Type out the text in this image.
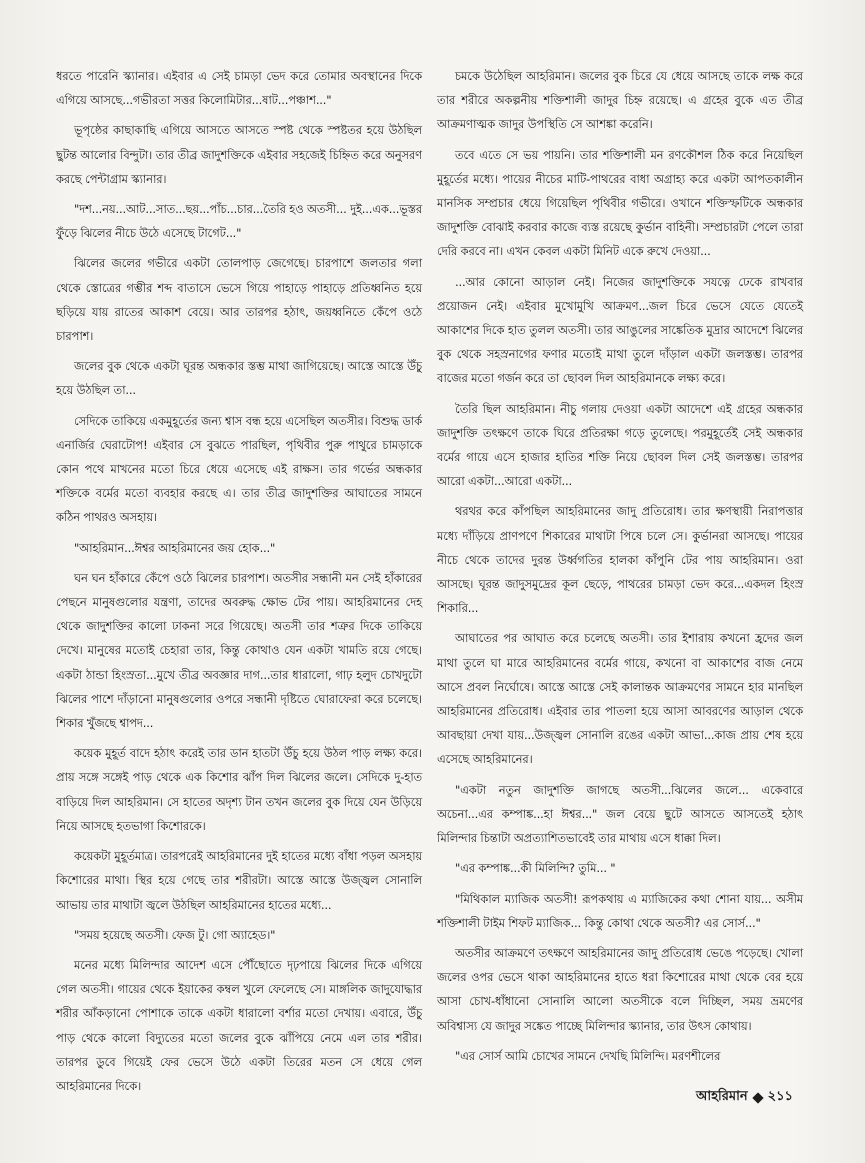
ধরতে পারেনি স্ক্যানার। এইবার এ সেই চামড়া ভেদ করে তোমার অবস্থানের দিকে এগিয়ে আসছে...গভীরতা সত্তর কিলোমিটার...ষাট...পঞ্চাশ..."

ভূপৃষ্ঠের কাছাকাছি এগিয়ে আসতে আসতে স্পষ্ট থেকে স্পষ্টতর হয়ে উঠছিল ছুটন্ত আলোর বিন্দুটা। তার তীব্র জাদুশক্তিকে এইবার সহজেই চিহ্নিত করে অনুসরণ করছে পেন্টাগ্রাম স্ক্যানার।

"দশ...নয়...আট...সাত...ছয়...পাঁচ...চার...তৈরি হও অতসী... দুই...এক...ভূস্তর ফুঁড়ে ঝিলের নীচে উঠে এসেছে টাগেট..."

ঝিলের জলের গভীরে একটা তোলপাড় জেগেছে। চারপাশে জলতার গলা থেকে স্তোত্রের গম্ভীর শব্দ বাতাসে ভেসে গিয়ে পাহাড়ে পাহাড়ে প্রতিধ্বনিত হয়ে ছড়িয়ে যায় রাতের আকাশ বেয়ে। আর তারপর হঠাৎ, জয়ধ্বনিতে কেঁপে ওঠে চারপাশ।

জলের বুক থেকে একটা ঘূরন্ত অন্ধকার স্তম্ভ মাথা জাগিয়েছে। আস্তে আস্তে উঁচু হয়ে উঠছিল তা...

সেদিকে তাকিয়ে একমুহূর্তের জন্য শ্বাস বন্ধ হয়ে এসেছিল অতসীর। বিশুদ্ধ ডার্ক এনার্জির ঘেরাটোপ! এইবার সে বুঝতে পারছিল, পৃথিবীর পুরু পাথুরে চামড়াকে কোন পথে মাখনের মতো চিরে ধেয়ে এসেছে এই রাক্ষস। তার গর্ভের অন্ধকার শক্তিকে বর্মের মতো ব্যবহার করছে এ। তার তীব্র জাদুশক্তির আঘাতের সামনে কঠিন পাথরও অসহায়।

"আহরিমান...ঈশ্বর আহরিমানের জয় হোক..."

ঘন ঘন হাঁকারে কেঁপে ওঠে ঝিলের চারপাশ। অতসীর সন্ধানী মন সেই হাঁকারের পেছনে মানুষগুলোর যন্ত্রণা, তাদের অবরুদ্ধ ক্ষোভ টের পায়। আহরিমানের দেহ থেকে জাদুশক্তির কালো ঢাকনা সরে গিয়েছে। অতসী তার শত্রুর দিকে তাকিয়ে দেখে। মানুষের মতোই চেহারা তার, কিন্তু কোথাও যেন একটা খামতি রয়ে গেছে। একটা ঠান্ডা হিংস্রতা...মুখে তীব্র অবজ্ঞার দাগ...তার ধারালো, গাঢ় হলুদ চোখদুটো ঝিলের পাশে দাঁড়ানো মানুষগুলোর ওপরে সন্ধানী দৃষ্টিতে ঘোরাফেরা করে চলেছে। শিকার খুঁজছে শ্বাপদ...

কয়েক মুহূর্ত বাদে হঠাৎ করেই তার ডান হাতটা উঁচু হয়ে উঠল পাড় লক্ষ্য করে। প্রায় সঙ্গে সঙ্গেই পাড় থেকে এক কিশোর ঝাঁপ দিল ঝিলের জলে। সেদিকে দু-হাত বাড়িয়ে দিল আহরিমান। সে হাতের অদৃশ্য টান তখন জলের বুক দিয়ে যেন উড়িয়ে নিয়ে আসছে হতভাগা কিশোরকে।

কয়েকটা মুহূর্তমাত্র। তারপরেই আহরিমানের দুই হাতের মধ্যে বাঁধা পড়ল অসহায় কিশোরের মাথা। স্থির হয়ে গেছে তার শরীরটা। আস্তে আস্তে উজ্জ্বল সোনালি আভায় তার মাথাটা জ্বলে উঠছিল আহরিমানের হাতের মধ্যে...

"সময় হয়েছে অতসী। ফেজ টু। গো অ্যাহেড।"

মনের মধ্যে মিলিন্দার আদেশ এসে পৌঁছোতে দৃঢ়পায়ে ঝিলের দিকে এগিয়ে গেল অতসী। গায়ের থেকে ইয়াকের কম্বল খুলে ফেলেছে সে। মাঙ্গলিক জাদুযোদ্ধার শরীর আঁকড়ানো পোশাকে তাকে একটা ধারালো বর্শার মতো দেখায়। এবারে, উঁচু পাড় থেকে কালো বিদ্যুতের মতো জলের বুকে ঝাঁপিয়ে নেমে এল তার শরীর। তারপর ডুবে গিয়েই ফের ভেসে উঠে একটা তিরের মতন সে ধেয়ে গেল আহরিমানের দিকে।

চমকে উঠেছিল আহরিমান। জলের বুক চিরে যে ধেয়ে আসছে তাকে লক্ষ করে তার শরীরে অকল্পনীয় শক্তিশালী জাদুর চিহ্ন রয়েছে। এ গ্রহের বুকে এত তীব্র আক্রমণাত্মক জাদুর উপস্থিতি সে আশঙ্কা করেনি।

তবে এতে সে ভয় পায়নি। তার শক্তিশালী মন রণকৌশল ঠিক করে নিয়েছিল মুহূর্তের মধ্যে। পায়ের নীচের মাটি-পাথরের বাধা অগ্রাহ্য করে একটা আপতকালীন মানসিক সম্প্রচার ধেয়ে গিয়েছিল পৃথিবীর গভীরে। ওখানে শক্তিস্ফটিকে অন্ধকার জাদুশক্তি বোঝাই করবার কাজে ব্যস্ত রয়েছে কুর্ভান বাহিনী। সম্প্রচারটা পেলে তারা দেরি করবে না। এখন কেবল একটা মিনিট একে রুখে দেওয়া...

...আর কোনো আড়াল নেই। নিজের জাদুশক্তিকে সযত্নে ঢেকে রাখবার প্রয়োজন নেই। এইবার মুখোমুখি আক্রমণ...জল চিরে ভেসে যেতে যেতেই আকাশের দিকে হাত তুলল অতসী। তার আঙুলের সাঙ্কেতিক মুদ্রার আদেশে ঝিলের বুক থেকে সহস্রনাগের ফণার মতোই মাথা তুলে দাঁড়াল একটা জলস্তম্ভ। তারপর বাজের মতো গর্জন করে তা ছোবল দিল আহরিমানকে লক্ষ্য করে।

তৈরি ছিল আহরিমান। নীচু গলায় দেওয়া একটা আদেশে এই গ্রহের অন্ধকার জাদুশক্তি তৎক্ষণে তাকে ঘিরে প্রতিরক্ষা গড়ে তুলেছে। পরমুহূর্তেই সেই অন্ধকার বর্মের গায়ে এসে হাজার হাতির শক্তি নিয়ে ছোবল দিল সেই জলস্তম্ভ। তারপর আরো একটা...আরো একটা...

থরথর করে কাঁপছিল আহরিমানের জাদু প্রতিরোধ। তার ক্ষণস্থায়ী নিরাপত্তার মধ্যে দাঁড়িয়ে প্রাণপণে শিকারের মাথাটা পিষে চলে সে। কুর্ভানরা আসছে। পায়ের নীচে থেকে তাদের দুরন্ত উর্ধ্বগতির হালকা কাঁপুনি টের পায় আহরিমান। ওরা আসছে। ঘূরন্ত জাদুসমুদ্রের কূল ছেড়ে, পাথরের চামড়া ভেদ করে...একদল হিংস্র শিকারি...

আঘাতের পর আঘাত করে চলেছে অতসী। তার ইশারায় কখনো হ্রদের জল মাথা তুলে ঘা মারে আহরিমানের বর্মের গায়ে, কখনো বা আকাশের বাজ নেমে আসে প্রবল নির্ঘোষে। আস্তে আস্তে সেই কালান্তক আক্রমণের সামনে হার মানছিল আহরিমানের প্রতিরোধ। এইবার তার পাতলা হয়ে আসা আবরণের আড়াল থেকে আবছায়া দেখা যায়...উজ্জ্বল সোনালি রঙের একটা আভা...কাজ প্রায় শেষ হয়ে এসেছে আহরিমানের।

"একটা নতুন জাদুশক্তি জাগছে অতসী...ঝিলের জলে... একেবারে অচেনা...এর কম্পাঙ্ক...হা ঈশ্বর..." জল বেয়ে ছুটে আসতে আসতেই হঠাৎ মিলিন্দার চিন্তাটা অপ্রত্যাশিতভাবেই তার মাথায় এসে ধাক্কা দিল।

"এর কম্পাঙ্ক...কী মিলিন্দি? তুমি... "

"মিথিকাল ম্যাজিক অতসী! রূপকথায় এ ম্যাজিকের কথা শোনা যায়... অসীম শক্তিশালী টাইম শিফট ম্যাজিক... কিন্তু কোথা থেকে অতসী? এর সোর্স..."

অতসীর আক্রমণে তৎক্ষণে আহরিমানের জাদু প্রতিরোধ ভেঙে পড়েছে। খোলা জলের ওপর ভেসে থাকা আহরিমানের হাতে ধরা কিশোরের মাথা থেকে বের হয়ে আসা চোখ-ধাঁধানো সোনালি আলো অতসীকে বলে দিচ্ছিল, সময় ভ্রমণের অবিশ্বাস্য যে জাদুর সঙ্কেত পাচ্ছে মিলিন্দার স্ক্যানার, তার উৎস কোথায়।

"এর সোর্স আমি চোখের সামনে দেখছি মিলিন্দি। মরণশীলের

আহরিমান ২১১
